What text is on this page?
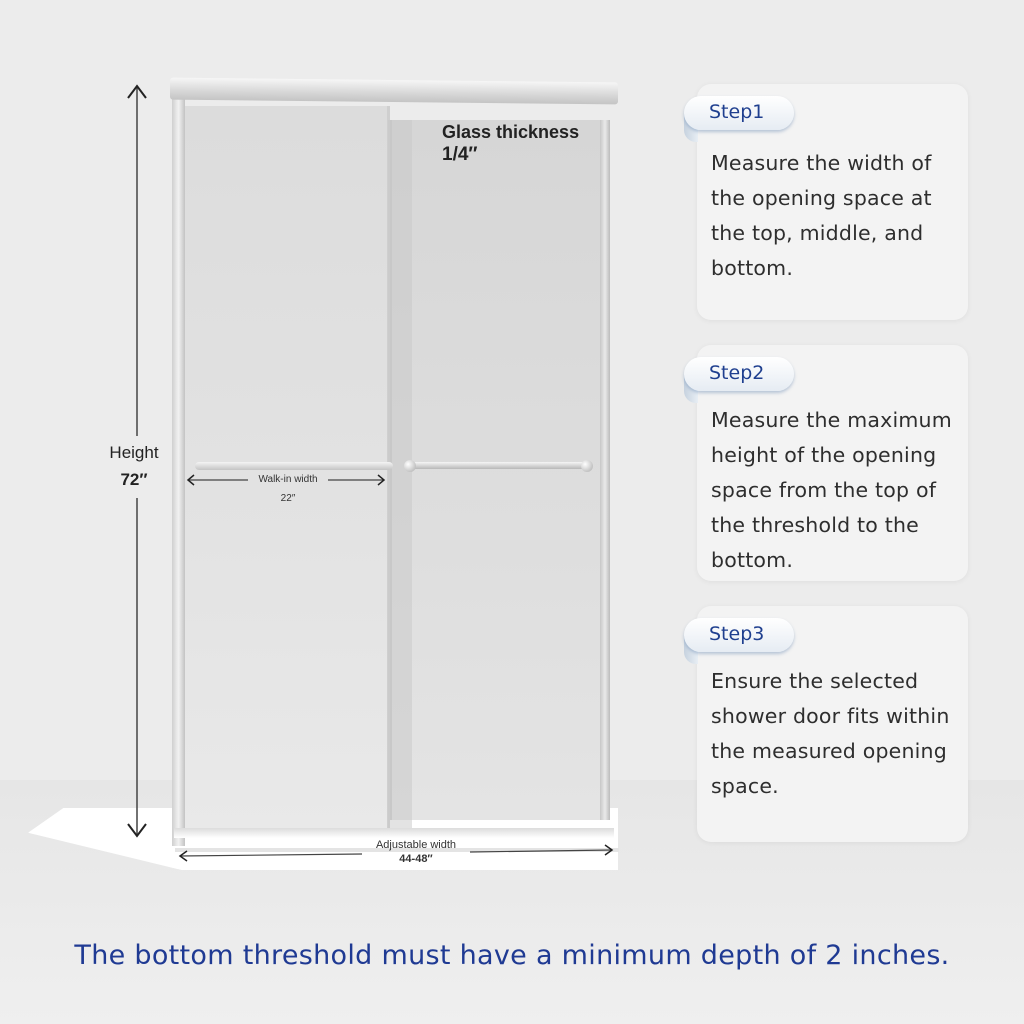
Glass thickness
1/4″
Height
72″	Walk-in width
22″
Adjustable width
44-48″
Step1
Measure the width of the opening space at the top, middle, and bottom.
Step2
Measure the maximum height of the opening space from the top of the threshold to the bottom.
Step3
Ensure the selected shower door fits within the measured opening space.
The bottom threshold must have a minimum depth of 2 inches.
